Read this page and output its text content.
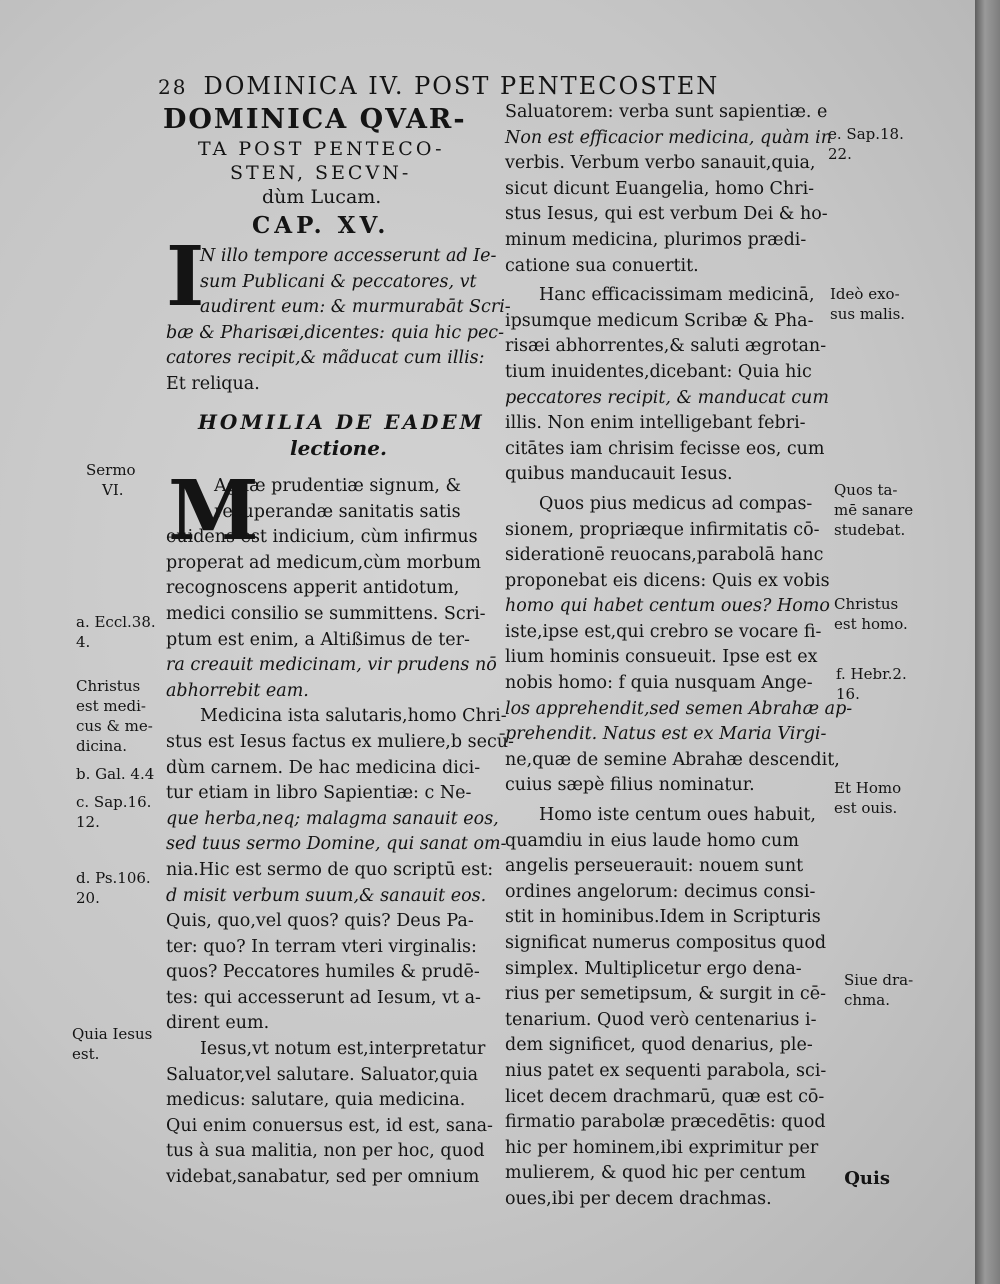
28 DOMINICA IV. POST PENTECOSTEN
DOMINICA QVAR-
TA POST PENTECO-
STEN, SECVN-
dùm Lucam.
CAP. XV.
I
N illo tempore accesserunt ad Ie-
sum Publicani & peccatores, vt
audirent eum: & murmurabāt Scri-
bæ & Pharisæi,dicentes: quia hic pec-
catores recipit,& mãducat cum illis:
Et reliqua.
HOMILIA DE EADEM
lectione.
M
Agnæ prudentiæ signum, &
recuperandæ sanitatis satis
euidens est indicium, cùm infirmus
properat ad medicum,cùm morbum
recognoscens apperit antidotum,
medici consilio se summittens. Scri-
ptum est enim, a Altißimus de ter-
ra creauit medicinam, vir prudens nō
abhorrebit eam.
Medicina ista salutaris,homo Chri-
stus est Iesus factus ex muliere,b secū-
dùm carnem. De hac medicina dici-
tur etiam in libro Sapientiæ: c Ne-
que herba,neq; malagma sanauit eos,
sed tuus sermo Domine, qui sanat om-
nia.Hic est sermo de quo scriptū est:
d misit verbum suum,& sanauit eos.
Quis, quo,vel quos? quis? Deus Pa-
ter: quo? In terram vteri virginalis:
quos? Peccatores humiles & prudē-
tes: qui accesserunt ad Iesum, vt a-
dirent eum.
Iesus,vt notum est,interpretatur
Saluator,vel salutare. Saluator,quia
medicus: salutare, quia medicina.
Qui enim conuersus est, id est, sana-
tus à sua malitia, non per hoc, quod
videbat,sanabatur, sed per omnium
Saluatorem: verba sunt sapientiæ. e
Non est efficacior medicina, quàm in
verbis. Verbum verbo sanauit,quia,
sicut dicunt Euangelia, homo Chri-
stus Iesus, qui est verbum Dei & ho-
minum medicina, plurimos prædi-
catione sua conuertit.
Hanc efficacissimam medicinā,
ipsumque medicum Scribæ & Pha-
risæi abhorrentes,& saluti ægrotan-
tium inuidentes,dicebant: Quia hic
peccatores recipit, & manducat cum
illis. Non enim intelligebant febri-
citātes iam chrisim fecisse eos, cum
quibus manducauit Iesus.
Quos pius medicus ad compas-
sionem, propriæque infirmitatis cō-
siderationē reuocans,parabolā hanc
proponebat eis dicens: Quis ex vobis
homo qui habet centum oues? Homo
iste,ipse est,qui crebro se vocare fi-
lium hominis consueuit. Ipse est ex
nobis homo: f quia nusquam Ange-
los apprehendit,sed semen Abrahæ ap-
prehendit. Natus est ex Maria Virgi-
ne,quæ de semine Abrahæ descendit,
cuius sæpè filius nominatur.
Homo iste centum oues habuit,
quamdiu in eius laude homo cum
angelis perseuerauit: nouem sunt
ordines angelorum: decimus consi-
stit in hominibus.Idem in Scripturis
significat numerus compositus quod
simplex. Multiplicetur ergo dena-
rius per semetipsum, & surgit in cē-
tenarium. Quod verò centenarius i-
dem significet, quod denarius, ple-
nius patet ex sequenti parabola, sci-
licet decem drachmarū, quæ est cō-
firmatio parabolæ præcedētis: quod
hic per hominem,ibi exprimitur per
mulierem, & quod hic per centum
oues,ibi per decem drachmas.
Sermo
VI.
a. Eccl.38.
4.
Christus
est medi-
cus & me-
dicina.
b. Gal. 4.4
c. Sap.16.
12.
d. Ps.106.
20.
Quia Iesus
est.
e. Sap.18.
22.
Ideò exo-
sus malis.
Quos ta-
mē sanare
studebat.
Christus
est homo.
f. Hebr.2.
16.
Et Homo
est ouis.
Siue dra-
chma.
Quis
